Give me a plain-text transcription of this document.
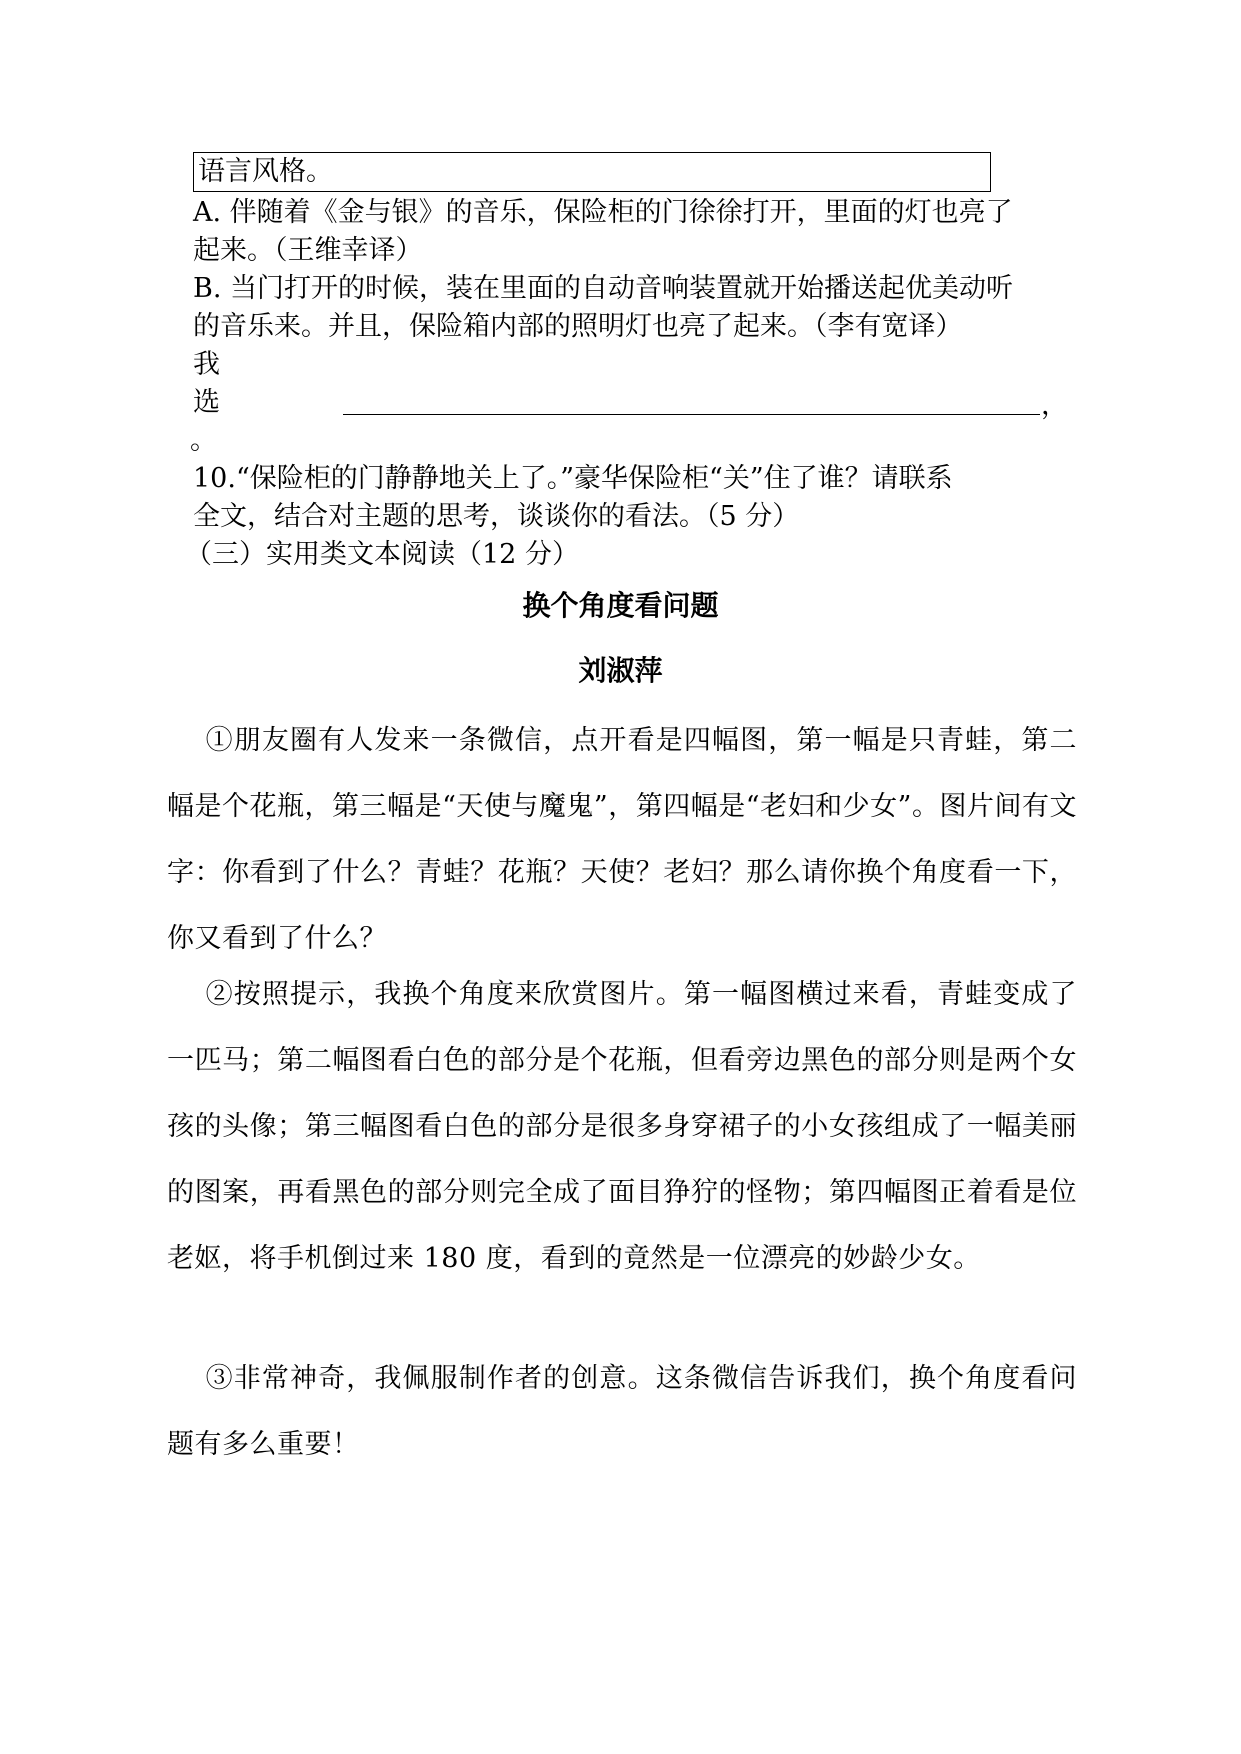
语言风格。
A. 伴随着《金与银》的音乐，保险柜的门徐徐打开，里面的灯也亮了
起来。（王维幸译）
B. 当门打开的时候，装在里面的自动音响装置就开始播送起优美动听
的音乐来。并且，保险箱内部的照明灯也亮了起来。（李有宽译）
我
选	，
。
10.“保险柜的门静静地关上了。”豪华保险柜“关”住了谁？请联系
全文，结合对主题的思考，谈谈你的看法。（5 分）
（三）实用类文本阅读（12 分）
换个角度看问题
刘淑萍
①朋友圈有人发来一条微信，点开看是四幅图，第一幅是只青蛙，第二幅是个花瓶，第三幅是“天使与魔鬼”，第四幅是“老妇和少女”。图片间有文字：你看到了什么？青蛙？花瓶？天使？老妇？那么请你换个角度看一下，你又看到了什么？
②按照提示，我换个角度来欣赏图片。第一幅图横过来看，青蛙变成了一匹马；第二幅图看白色的部分是个花瓶，但看旁边黑色的部分则是两个女孩的头像；第三幅图看白色的部分是很多身穿裙子的小女孩组成了一幅美丽的图案，再看黑色的部分则完全成了面目狰狞的怪物；第四幅图正着看是位老妪，将手机倒过来 180 度，看到的竟然是一位漂亮的妙龄少女。
③非常神奇，我佩服制作者的创意。这条微信告诉我们，换个角度看问题有多么重要！
